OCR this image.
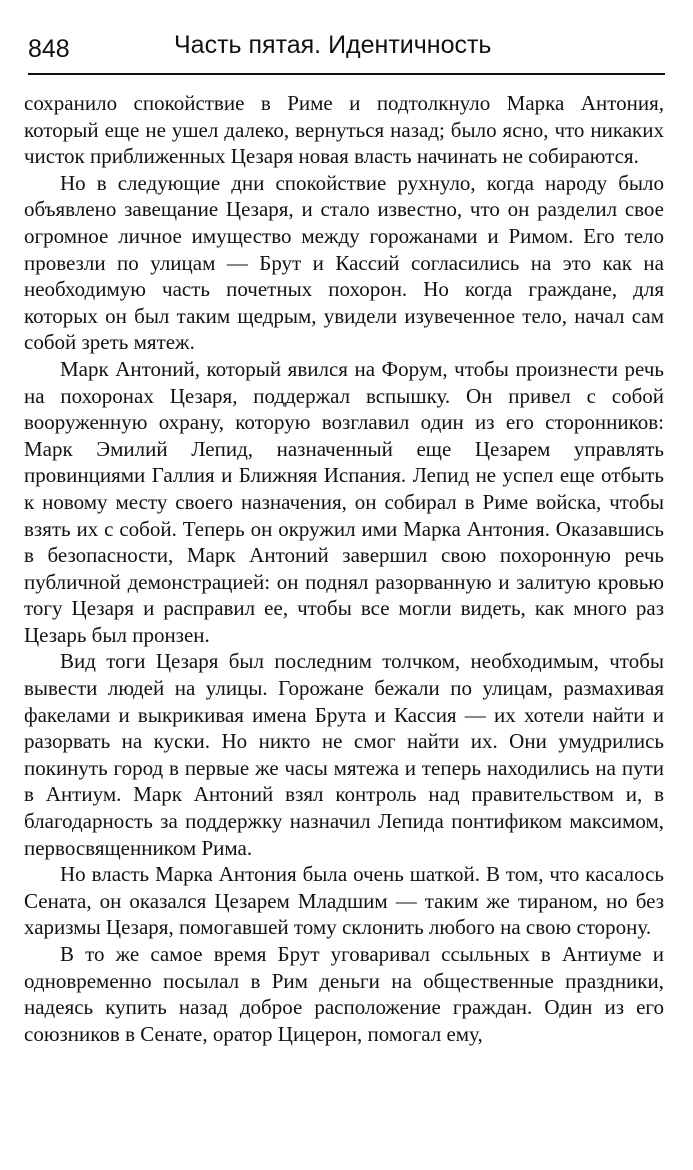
848	Часть пятая. Идентичность

сохранило спокойствие в Риме и подтолкнуло Марка Антония, который еще не ушел далеко, вернуться назад; было ясно, что никаких чисток приближенных Цезаря новая власть начинать не собираются.

Но в следующие дни спокойствие рухнуло, когда народу было объявлено завещание Цезаря, и стало известно, что он разделил свое огромное личное имущество между горожанами и Римом. Его тело провезли по улицам — Брут и Кассий согласились на это как на необходимую часть почетных похорон. Но когда граждане, для которых он был таким щедрым, увидели изувеченное тело, начал сам собой зреть мятеж.

Марк Антоний, который явился на Форум, чтобы произнести речь на похоронах Цезаря, поддержал вспышку. Он привел с собой вооруженную охрану, которую возглавил один из его сторонников: Марк Эмилий Лепид, назначенный еще Цезарем управлять провинциями Галлия и Ближняя Испания. Лепид не успел еще отбыть к новому месту своего назначения, он собирал в Риме войска, чтобы взять их с собой. Теперь он окружил ими Марка Антония. Оказавшись в безопасности, Марк Антоний завершил свою похоронную речь публичной демонстрацией: он поднял разорванную и залитую кровью тогу Цезаря и расправил ее, чтобы все могли видеть, как много раз Цезарь был пронзен.

Вид тоги Цезаря был последним толчком, необходимым, чтобы вывести людей на улицы. Горожане бежали по улицам, размахивая факелами и выкрикивая имена Брута и Кассия — их хотели найти и разорвать на куски. Но никто не смог найти их. Они умудрились покинуть город в первые же часы мятежа и теперь находились на пути в Антиум. Марк Антоний взял контроль над правительством и, в благодарность за поддержку назначил Лепида понтификом максимом, первосвященником Рима.

Но власть Марка Антония была очень шаткой. В том, что касалось Сената, он оказался Цезарем Младшим — таким же тираном, но без харизмы Цезаря, помогавшей тому склонить любого на свою сторону.

В то же самое время Брут уговаривал ссыльных в Антиуме и одновременно посылал в Рим деньги на общественные праздники, надеясь купить назад доброе расположение граждан. Один из его союзников в Сенате, оратор Цицерон, помогал ему,
